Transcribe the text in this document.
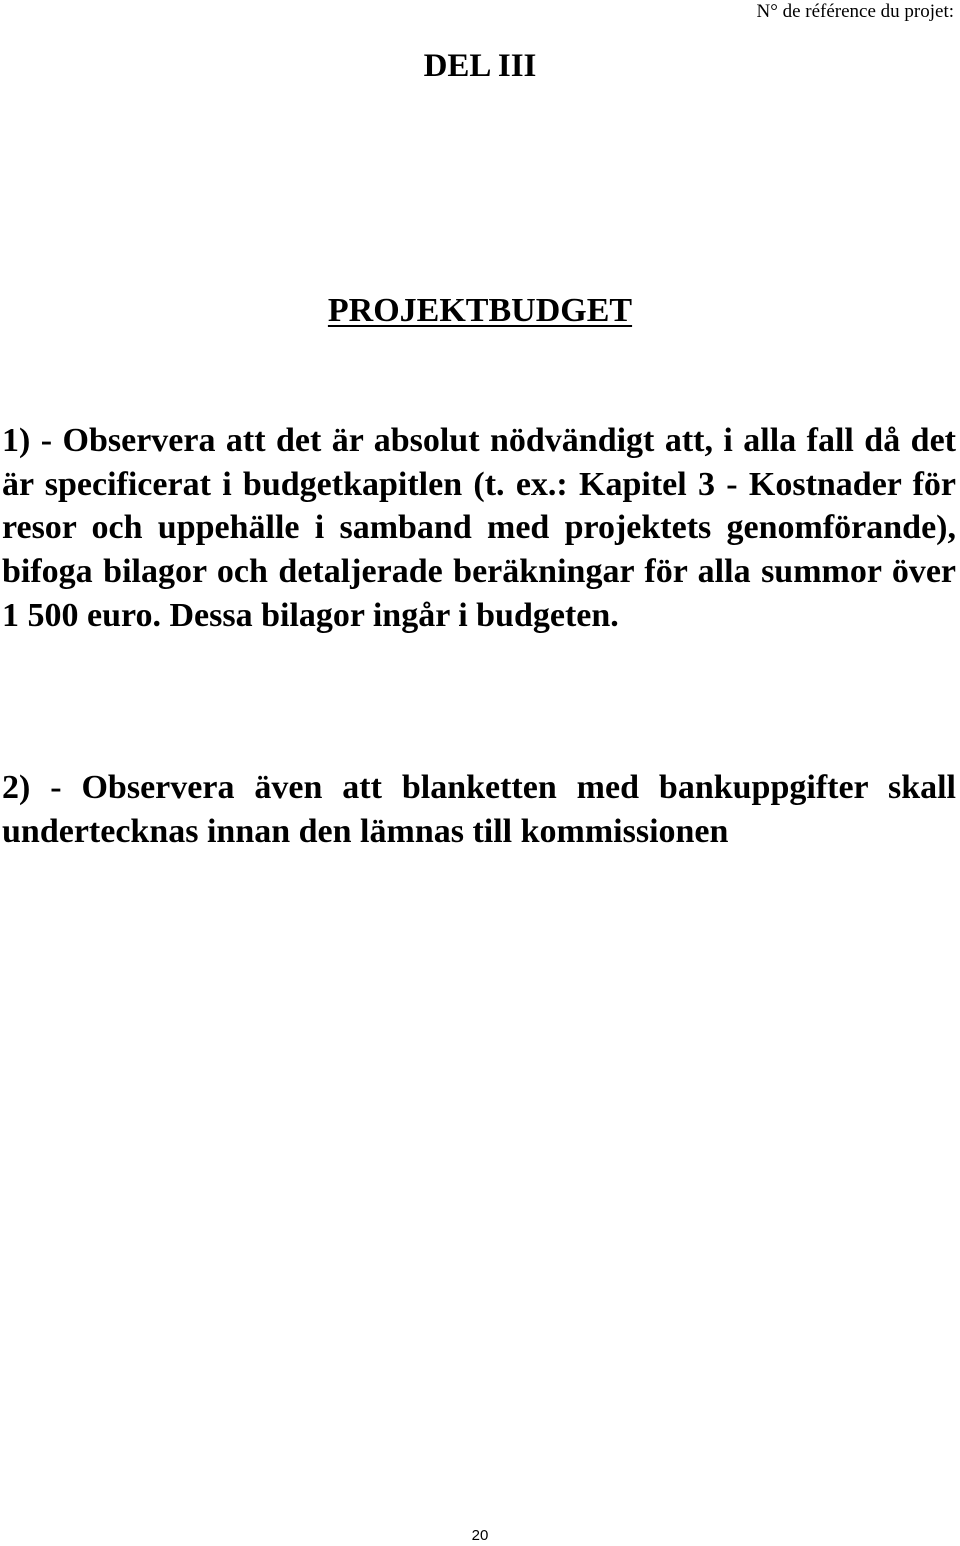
N° de référence du projet:
DEL III
PROJEKTBUDGET
1) - Observera att det är absolut nödvändigt att, i alla fall då det är specificerat i budgetkapitlen (t. ex.: Kapitel 3 - Kostnader för resor och uppehälle i samband med projektets genomförande), bifoga bilagor och detaljerade beräkningar för alla summor över 1 500 euro. Dessa bilagor ingår i budgeten.
2) - Observera även att blanketten med bankuppgifter skall undertecknas innan den lämnas till kommissionen
20
